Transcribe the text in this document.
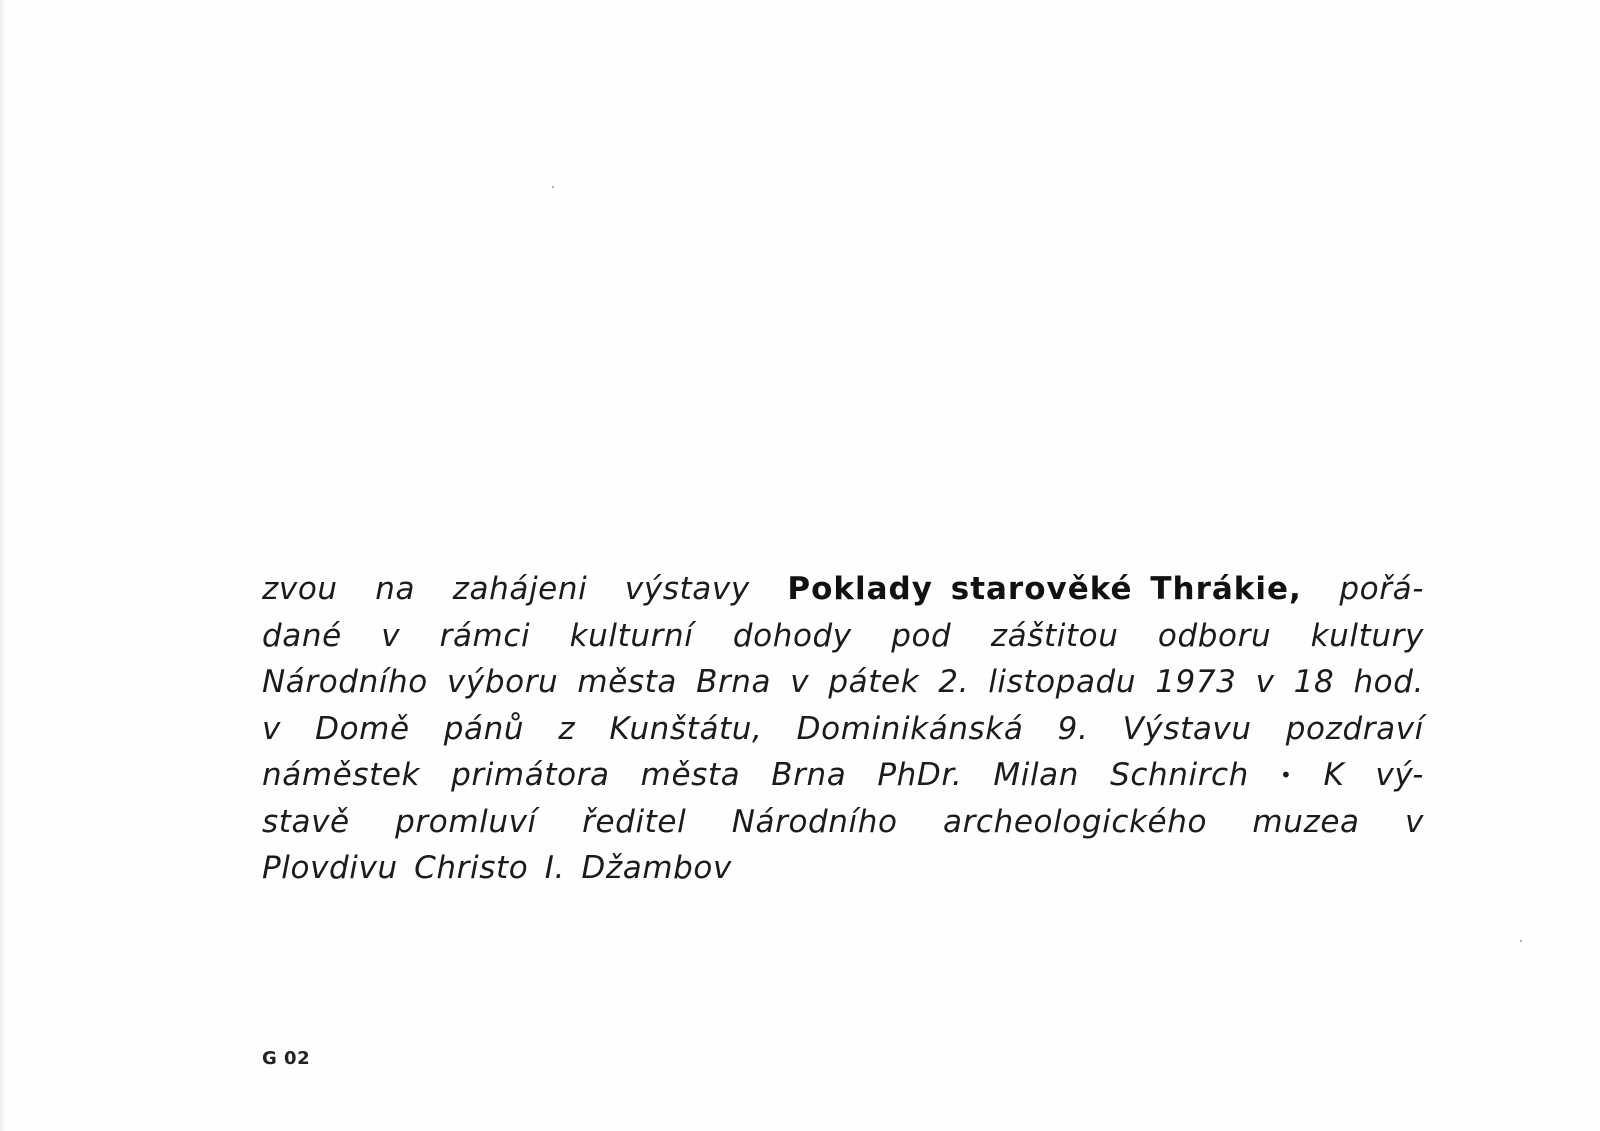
zvou na zahájeni výstavy Poklady starověké Thrákie, pořá-
dané v rámci kulturní dohody pod záštitou odboru kultury
Národního výboru města Brna v pátek 2. listopadu 1973 v 18 hod.
v Domě pánů z Kunštátu, Dominikánská 9. Výstavu pozdraví
náměstek primátora města Brna PhDr. Milan Schnirch • K vý-
stavě promluví ředitel Národního archeologického muzea v
Plovdivu Christo I. Džambov
G 02
